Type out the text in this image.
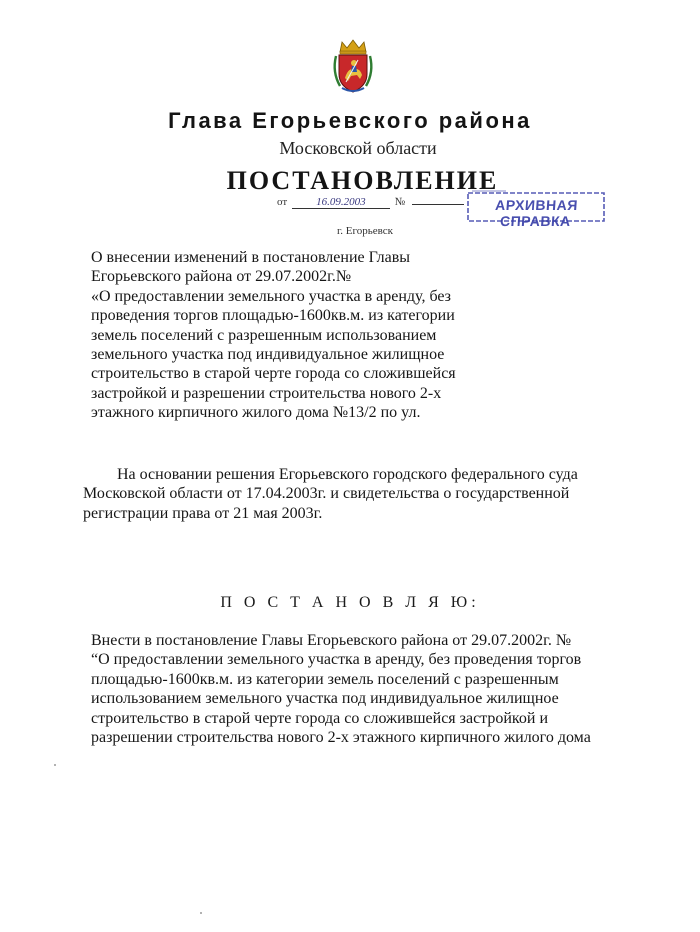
Глава Егорьевского района
Московской области
ПОСТАНОВЛЕНИЕ
от	16.09.2003	№
г. Егорьевск
АРХИВНАЯ СПРАВКА
О внесении изменений в постановление Главы
Егорьевского района от 29.07.2002г.№
«О предоставлении земельного участка в аренду, без
проведения торгов площадью-1600кв.м. из категории
земель поселений с разрешенным использованием
земельного участка под индивидуальное жилищное
строительство в старой черте города со сложившейся
застройкой и разрешении строительства нового 2-х
этажного кирпичного жилого дома №13/2 по ул.
На основании решения Егорьевского городского федерального суда
Московской области от 17.04.2003г. и свидетельства о государственной
регистрации права от 21 мая 2003г.
П О С Т А Н О В Л Я Ю:
Внести в постановление Главы Егорьевского района от 29.07.2002г. №
“О предоставлении земельного участка в аренду, без проведения торгов
площадью-1600кв.м. из категории земель поселений с разрешенным
использованием земельного участка под индивидуальное жилищное
строительство в старой черте города со сложившейся застройкой и
разрешении строительства нового 2-х этажного кирпичного жилого дома
